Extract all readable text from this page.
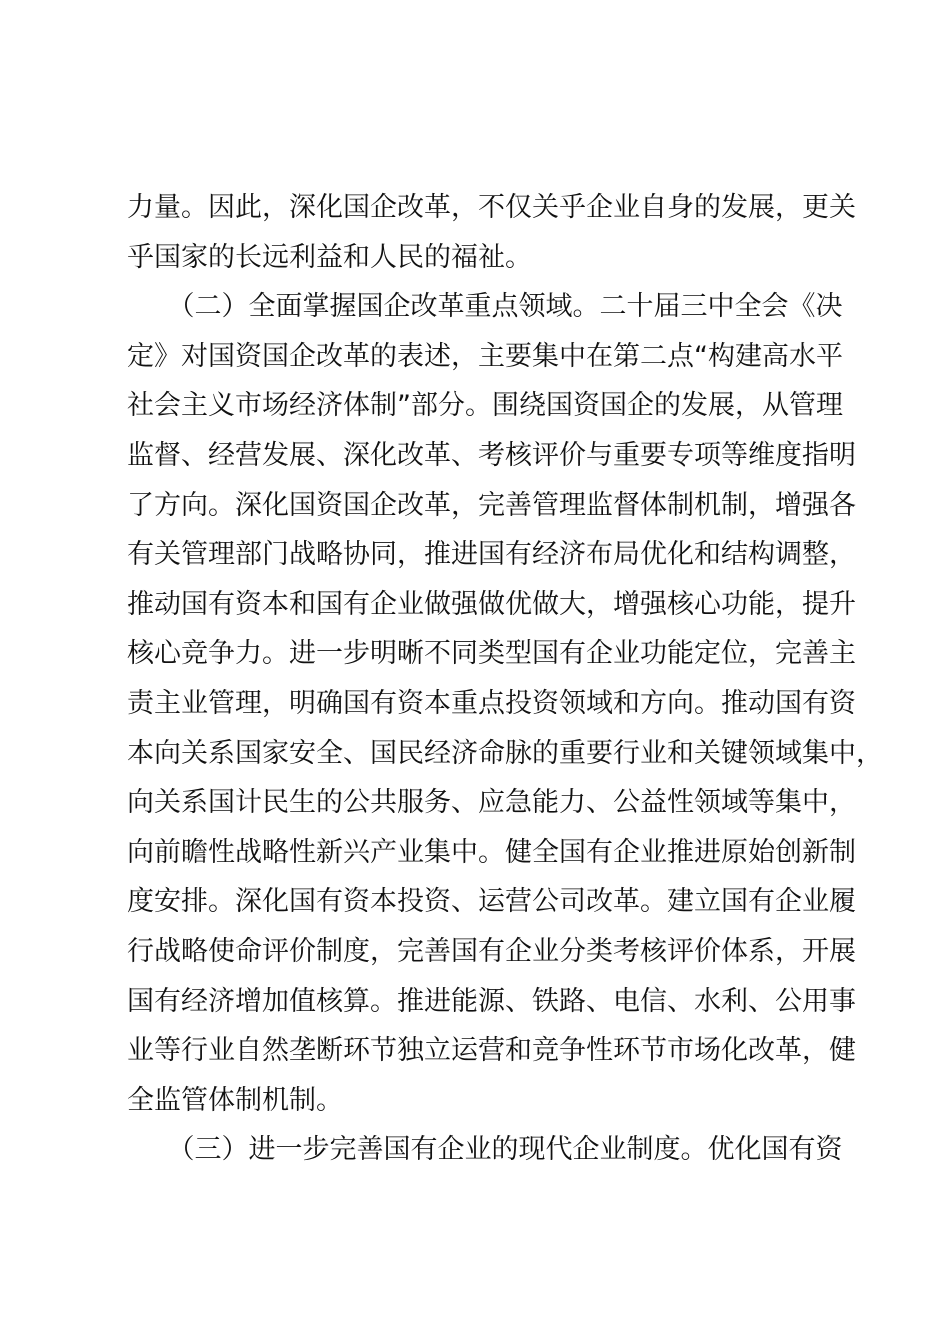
力量。因此，深化国企改革，不仅关乎企业自身的发展，更关
乎国家的长远利益和人民的福祉。
　　（二）全面掌握国企改革重点领域。二十届三中全会《决
定》对国资国企改革的表述，主要集中在第二点“构建高水平
社会主义市场经济体制”部分。围绕国资国企的发展，从管理
监督、经营发展、深化改革、考核评价与重要专项等维度指明
了方向。深化国资国企改革，完善管理监督体制机制，增强各
有关管理部门战略协同，推进国有经济布局优化和结构调整，
推动国有资本和国有企业做强做优做大，增强核心功能，提升
核心竞争力。进一步明晰不同类型国有企业功能定位，完善主
责主业管理，明确国有资本重点投资领域和方向。推动国有资
本向关系国家安全、国民经济命脉的重要行业和关键领域集中，
向关系国计民生的公共服务、应急能力、公益性领域等集中，
向前瞻性战略性新兴产业集中。健全国有企业推进原始创新制
度安排。深化国有资本投资、运营公司改革。建立国有企业履
行战略使命评价制度，完善国有企业分类考核评价体系，开展
国有经济增加值核算。推进能源、铁路、电信、水利、公用事
业等行业自然垄断环节独立运营和竞争性环节市场化改革，健
全监管体制机制。
　　（三）进一步完善国有企业的现代企业制度。优化国有资
